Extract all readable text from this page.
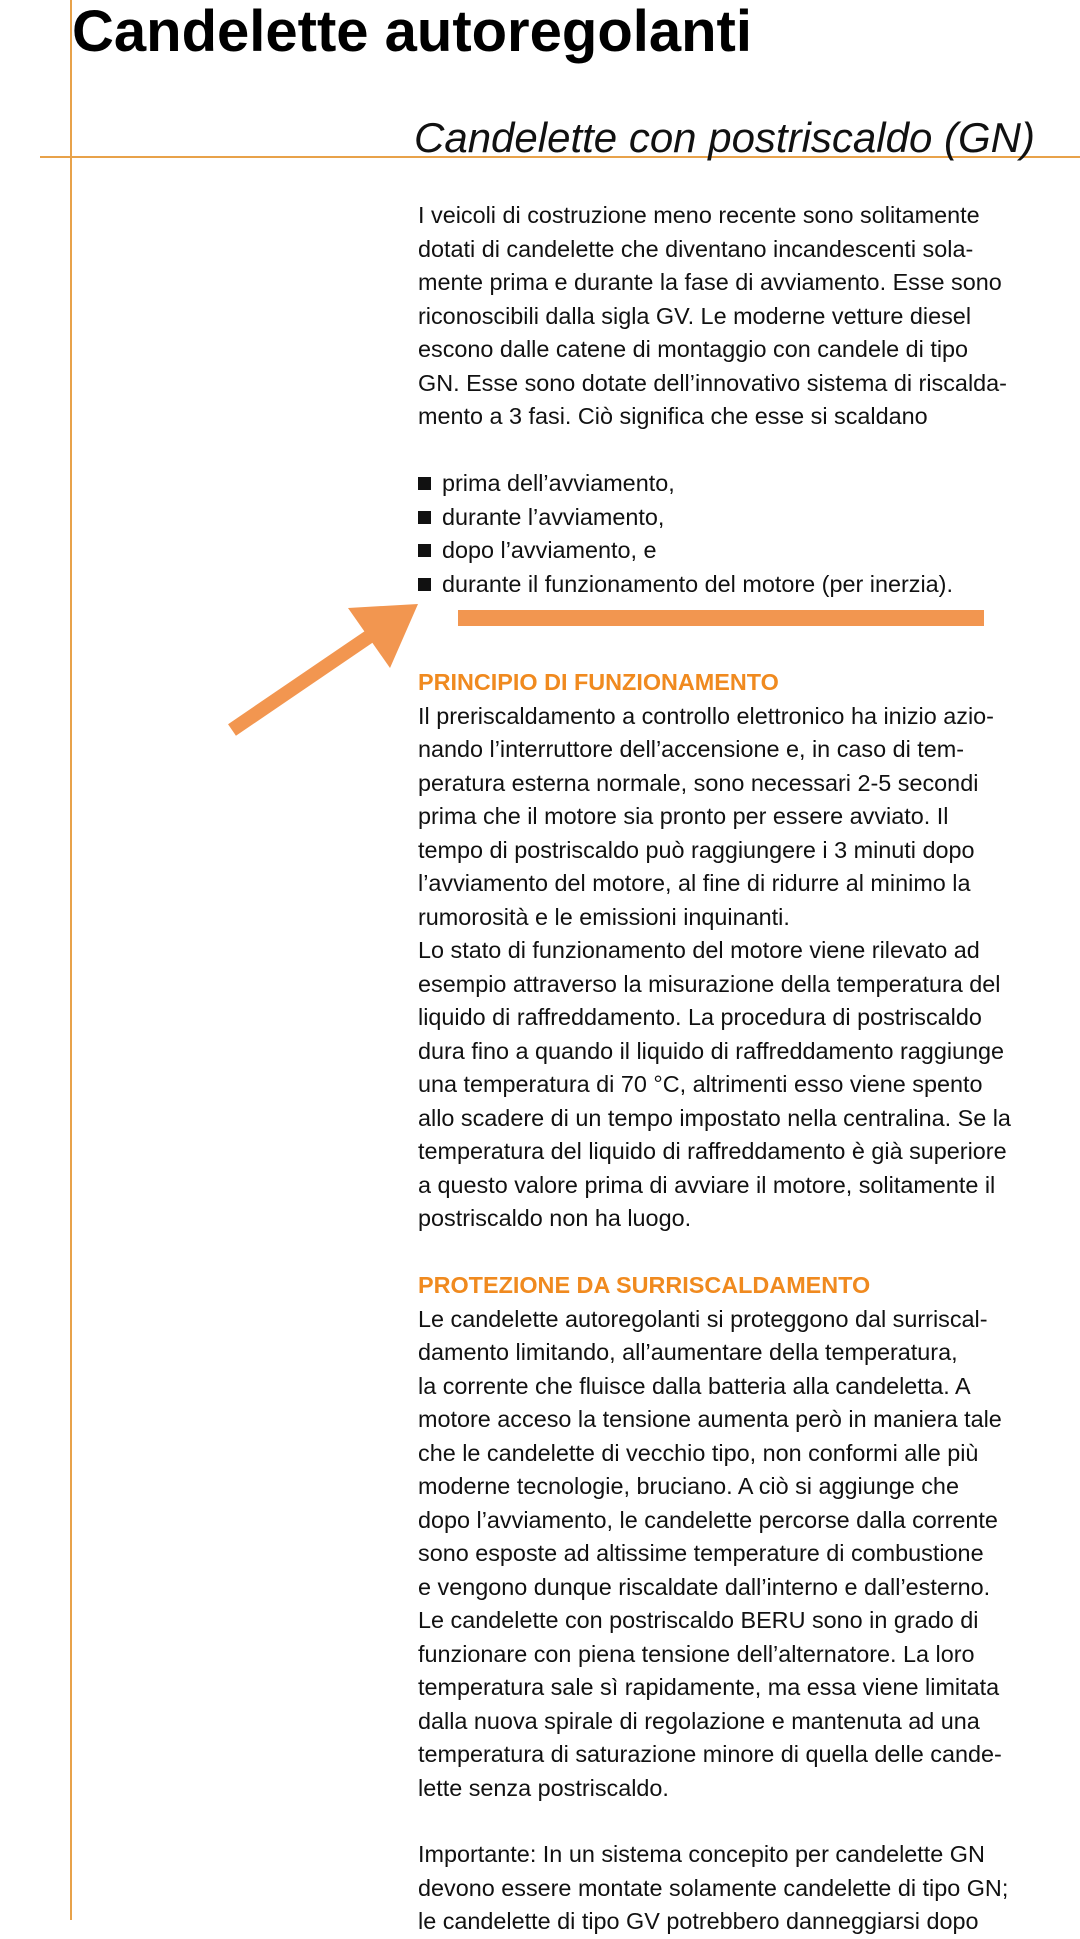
Candelette autoregolanti
Candelette con postriscaldo (GN)
I veicoli di costruzione meno recente sono solitamente
dotati di candelette che diventano incandescenti sola-
mente prima e durante la fase di avviamento. Esse sono
riconoscibili dalla sigla GV. Le moderne vetture diesel
escono dalle catene di montaggio con candele di tipo
GN. Esse sono dotate dell’innovativo sistema di riscalda-
mento a 3 fasi. Ciò significa che esse si scaldano
prima dell’avviamento,
durante l’avviamento,
dopo l’avviamento, e
durante il funzionamento del motore (per inerzia).
PRINCIPIO DI FUNZIONAMENTO
Il preriscaldamento a controllo elettronico ha inizio azio-
nando l’interruttore dell’accensione e, in caso di tem-
peratura esterna normale, sono necessari 2-5 secondi
prima che il motore sia pronto per essere avviato. Il
tempo di postriscaldo può raggiungere i 3 minuti dopo
l’avviamento del motore, al fine di ridurre al minimo la
rumorosità e le emissioni inquinanti.
Lo stato di funzionamento del motore viene rilevato ad
esempio attraverso la misurazione della temperatura del
liquido di raffreddamento. La procedura di postriscaldo
dura fino a quando il liquido di raffreddamento raggiunge
una temperatura di 70 °C, altrimenti esso viene spento
allo scadere di un tempo impostato nella centralina. Se la
temperatura del liquido di raffreddamento è già superiore
a questo valore prima di avviare il motore, solitamente il
postriscaldo non ha luogo.
PROTEZIONE DA SURRISCALDAMENTO
Le candelette autoregolanti si proteggono dal surriscal-
damento limitando, all’aumentare della temperatura,
la corrente che fluisce dalla batteria alla candeletta. A
motore acceso la tensione aumenta però in maniera tale
che le candelette di vecchio tipo, non conformi alle più
moderne tecnologie, bruciano. A ciò si aggiunge che
dopo l’avviamento, le candelette percorse dalla corrente
sono esposte ad altissime temperature di combustione
e vengono dunque riscaldate dall’interno e dall’esterno.
Le candelette con postriscaldo BERU sono in grado di
funzionare con piena tensione dell’alternatore. La loro
temperatura sale sì rapidamente, ma essa viene limitata
dalla nuova spirale di regolazione e mantenuta ad una
temperatura di saturazione minore di quella delle cande-
lette senza postriscaldo.
Importante: In un sistema concepito per candelette GN
devono essere montate solamente candelette di tipo GN;
le candelette di tipo GV potrebbero danneggiarsi dopo
